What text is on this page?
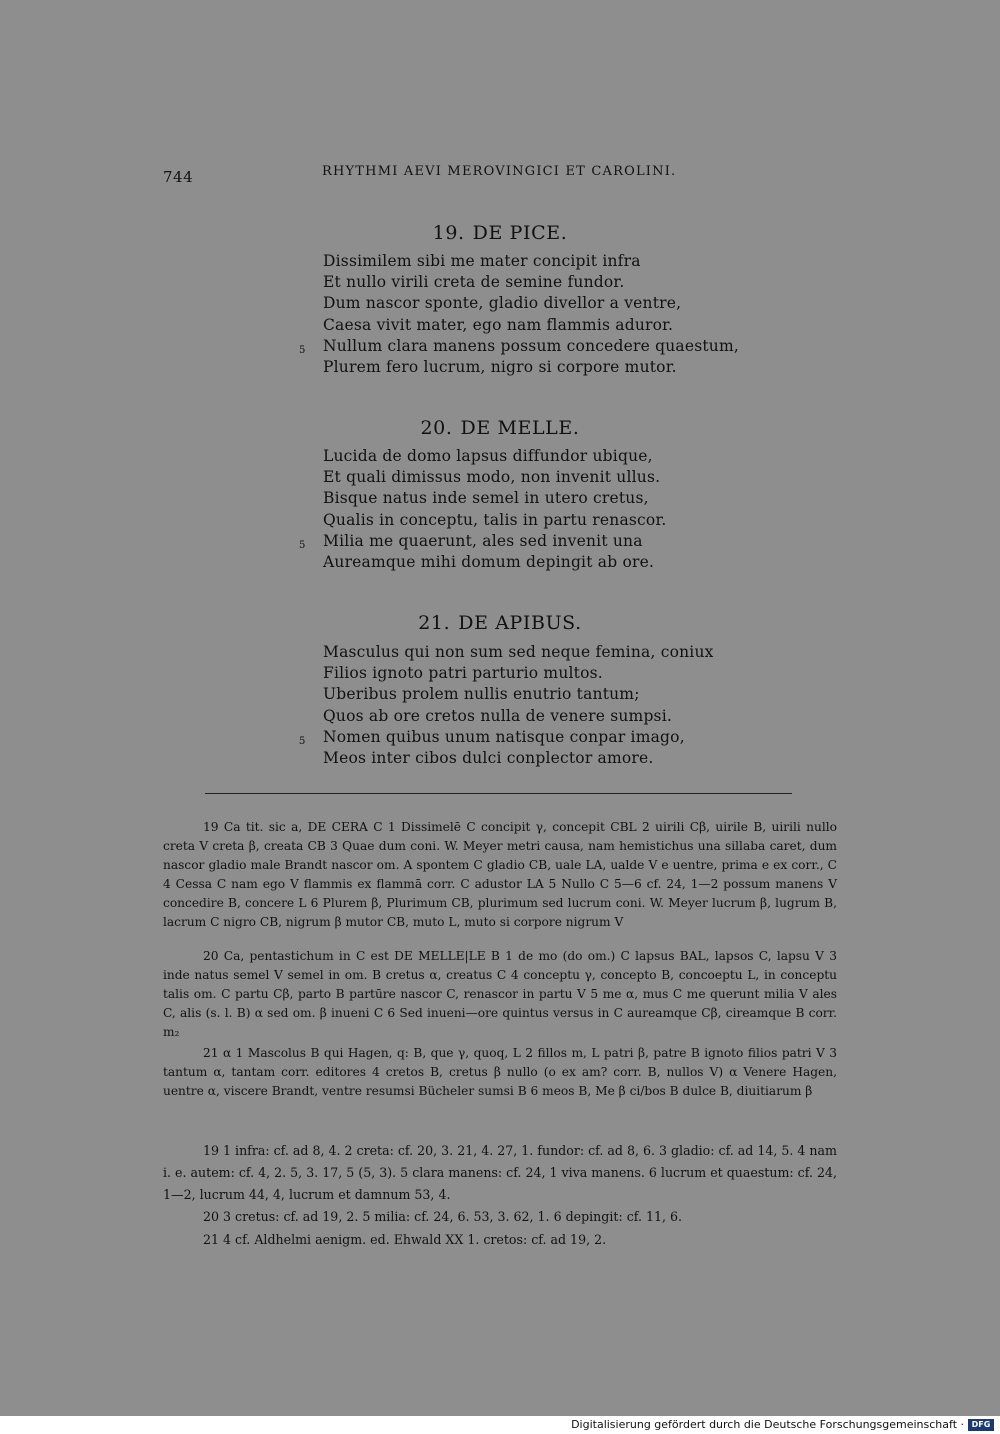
744	RHYTHMI AEVI MEROVINGICI ET CAROLINI.
19. DE PICE.
Dissimilem sibi me mater concipit infra
Et nullo virili creta de semine fundor.
Dum nascor sponte, gladio divellor a ventre,
Caesa vivit mater, ego nam flammis aduror.
5 Nullum clara manens possum concedere quaestum,
Plurem fero lucrum, nigro si corpore mutor.
20. DE MELLE.
Lucida de domo lapsus diffundor ubique,
Et quali dimissus modo, non invenit ullus.
Bisque natus inde semel in utero cretus,
Qualis in conceptu, talis in partu renascor.
5 Milia me quaerunt, ales sed invenit una
Aureamque mihi domum depingit ab ore.
21. DE APIBUS.
Masculus qui non sum sed neque femina, coniux
Filios ignoto patri parturio multos.
Uberibus prolem nullis enutrio tantum;
Quos ab ore cretos nulla de venere sumpsi.
5 Nomen quibus unum natisque conpar imago,
Meos inter cibos dulci conplector amore.
19 Ca tit. sic a, DE CERA C 1 Dissimelē C concipit γ, concepit CBL 2 uirili Cβ, uirile B, uirili nullo creta V creta β, creata CB 3 Quae dum coni. W. Meyer metri causa, nam hemistichus una sillaba caret, dum nascor gladio male Brandt nascor om. A spontem C gladio CB, uale LA, ualde V e uentre, prima e ex corr., C 4 Cessa C nam ego V flammis ex flammā corr. C adustor LA 5 Nullo C 5—6 cf. 24, 1—2 possum manens V concedire B, concere L 6 Plurem β, Plurimum CB, plurimum sed lucrum coni. W. Meyer lucrum β, lugrum B, lacrum C nigro CB, nigrum β mutor CB, muto L, muto si corpore nigrum V
20 Ca, pentastichum in C est DE MELLE|LE B 1 de mo (do om.) C lapsus BAL, lapsos C, lapsu V 3 inde natus semel V semel in om. B cretus α, creatus C 4 conceptu γ, concepto B, concoeptu L, in conceptu talis om. C partu Cβ, parto B partūre nascor C, renascor in partu V 5 me α, mus C me querunt milia V ales C, alis (s. l. B) α sed om. β inueni C 6 Sed inueni—ore quintus versus in C aureamque Cβ, cireamque B corr. m₂
21 α 1 Mascolus B qui Hagen, q: B, que γ, quoq, L 2 fillos m, L patri β, patre B ignoto filios patri V 3 tantum α, tantam corr. editores 4 cretos B, cretus β nullo (o ex am? corr. B, nullos V) α Venere Hagen, uentre α, viscere Brandt, ventre resumsi Bücheler sumsi B 6 meos B, Me β ci/bos B dulce B, diuitiarum β
19 1 infra: cf. ad 8, 4. 2 creta: cf. 20, 3. 21, 4. 27, 1. fundor: cf. ad 8, 6. 3 gladio: cf. ad 14, 5. 4 nam i. e. autem: cf. 4, 2. 5, 3. 17, 5 (5, 3). 5 clara manens: cf. 24, 1 viva manens. 6 lucrum et quaestum: cf. 24, 1—2, lucrum 44, 4, lucrum et damnum 53, 4.
20 3 cretus: cf. ad 19, 2. 5 milia: cf. 24, 6. 53, 3. 62, 1. 6 depingit: cf. 11, 6.
21 4 cf. Aldhelmi aenigm. ed. Ehwald XX 1. cretos: cf. ad 19, 2.
Digitalisierung gefördert durch die Deutsche Forschungsgemeinschaft · DFG
